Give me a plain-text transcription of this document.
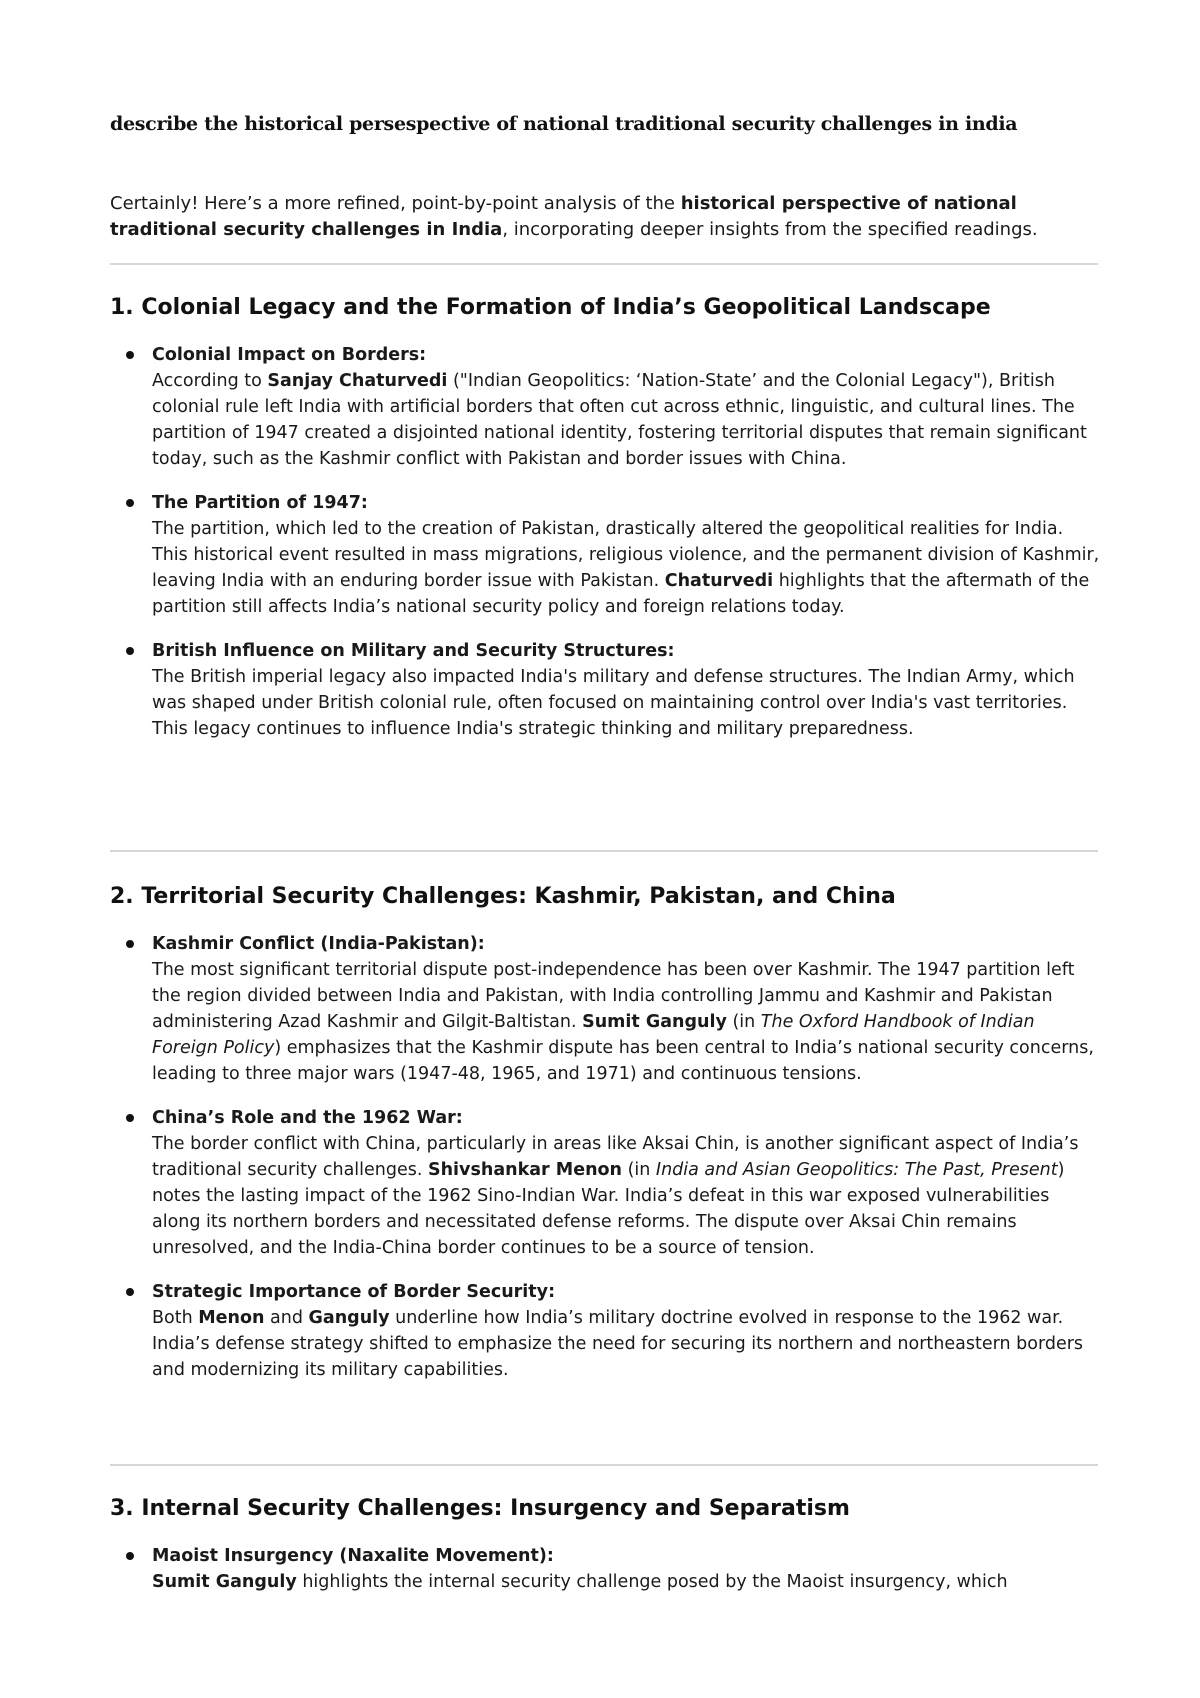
describe the historical persespective of national traditional security challenges in india

Certainly! Here’s a more refined, point-by-point analysis of the historical perspective of national traditional security challenges in India, incorporating deeper insights from the specified readings.

1. Colonial Legacy and the Formation of India’s Geopolitical Landscape
Colonial Impact on Borders:
According to Sanjay Chaturvedi ("Indian Geopolitics: ‘Nation-State’ and the Colonial Legacy"), British colonial rule left India with artificial borders that often cut across ethnic, linguistic, and cultural lines. The partition of 1947 created a disjointed national identity, fostering territorial disputes that remain significant today, such as the Kashmir conflict with Pakistan and border issues with China.
The Partition of 1947:
The partition, which led to the creation of Pakistan, drastically altered the geopolitical realities for India. This historical event resulted in mass migrations, religious violence, and the permanent division of Kashmir, leaving India with an enduring border issue with Pakistan. Chaturvedi highlights that the aftermath of the partition still affects India’s national security policy and foreign relations today.
British Influence on Military and Security Structures:
The British imperial legacy also impacted India's military and defense structures. The Indian Army, which was shaped under British colonial rule, often focused on maintaining control over India's vast territories. This legacy continues to influence India's strategic thinking and military preparedness.
2. Territorial Security Challenges: Kashmir, Pakistan, and China
Kashmir Conflict (India-Pakistan):
The most significant territorial dispute post-independence has been over Kashmir. The 1947 partition left the region divided between India and Pakistan, with India controlling Jammu and Kashmir and Pakistan administering Azad Kashmir and Gilgit-Baltistan. Sumit Ganguly (in The Oxford Handbook of Indian Foreign Policy) emphasizes that the Kashmir dispute has been central to India’s national security concerns, leading to three major wars (1947-48, 1965, and 1971) and continuous tensions.
China’s Role and the 1962 War:
The border conflict with China, particularly in areas like Aksai Chin, is another significant aspect of India’s traditional security challenges. Shivshankar Menon (in India and Asian Geopolitics: The Past, Present) notes the lasting impact of the 1962 Sino-Indian War. India’s defeat in this war exposed vulnerabilities along its northern borders and necessitated defense reforms. The dispute over Aksai Chin remains unresolved, and the India-China border continues to be a source of tension.
Strategic Importance of Border Security:
Both Menon and Ganguly underline how India’s military doctrine evolved in response to the 1962 war. India’s defense strategy shifted to emphasize the need for securing its northern and northeastern borders and modernizing its military capabilities.
3. Internal Security Challenges: Insurgency and Separatism
Maoist Insurgency (Naxalite Movement):
Sumit Ganguly highlights the internal security challenge posed by the Maoist insurgency, which
